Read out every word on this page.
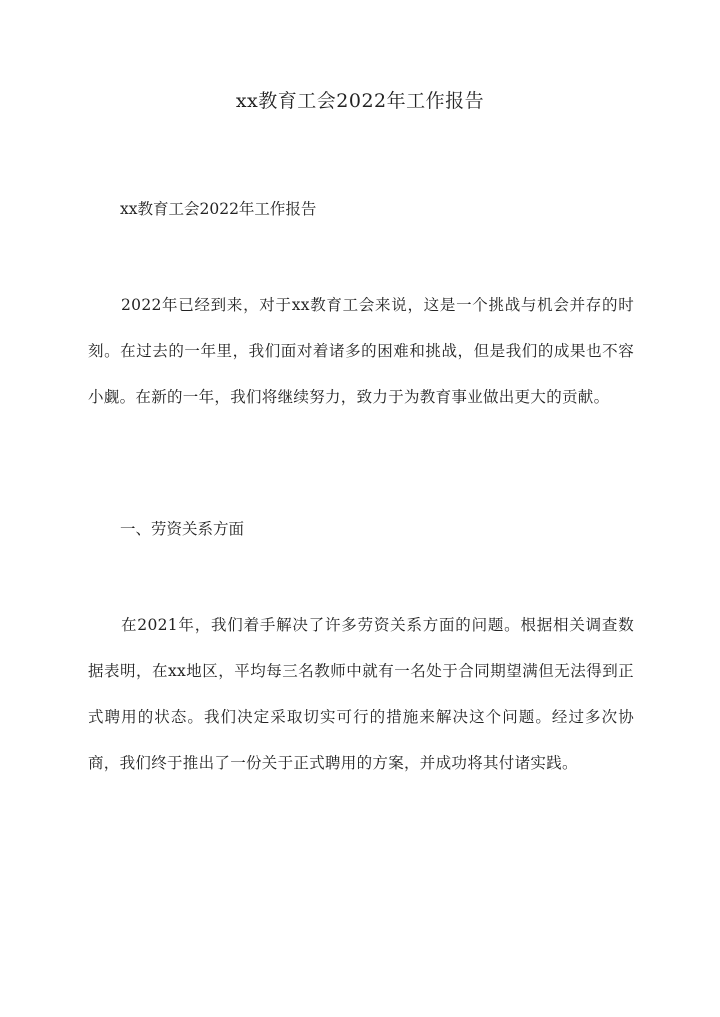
xx教育工会2022年工作报告

xx教育工会2022年工作报告

2022年已经到来，对于xx教育工会来说，这是一个挑战与机会并存的时刻。在过去的一年里，我们面对着诸多的困难和挑战，但是我们的成果也不容小觑。在新的一年，我们将继续努力，致力于为教育事业做出更大的贡献。

一、劳资关系方面

在2021年，我们着手解决了许多劳资关系方面的问题。根据相关调查数据表明，在xx地区，平均每三名教师中就有一名处于合同期望满但无法得到正式聘用的状态。我们决定采取切实可行的措施来解决这个问题。经过多次协商，我们终于推出了一份关于正式聘用的方案，并成功将其付诸实践。
